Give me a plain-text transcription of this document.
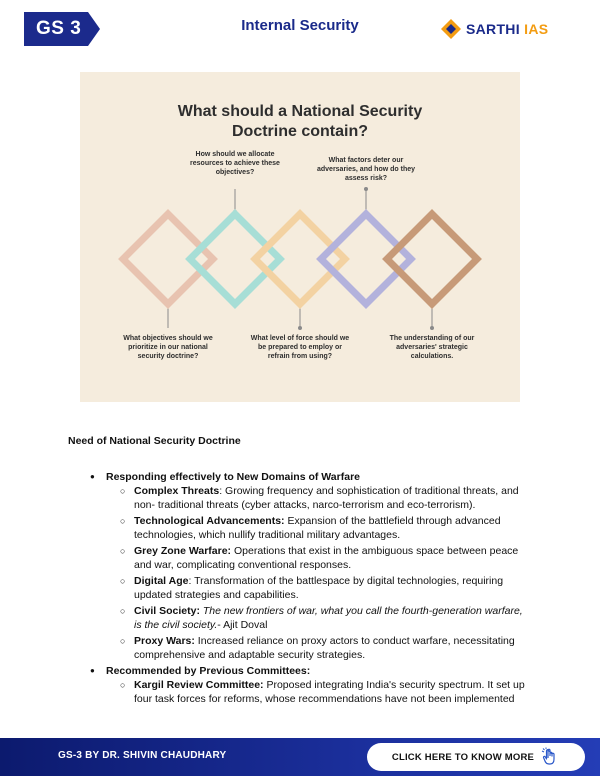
GS 3	Internal Security	SARTHI IAS
What should a National Security
Doctrine contain?
How should we allocate resources to achieve these objectives?
What factors deter our adversaries, and how do they assess risk?
What objectives should we prioritize in our national security doctrine?
What level of force should we be prepared to employ or refrain from using?
The understanding of our adversaries' strategic calculations.
Need of National Security Doctrine
● Responding effectively to New Domains of Warfare
○ Complex Threats: Growing frequency and sophistication of traditional threats, and non- traditional threats (cyber attacks, narco-terrorism and eco-terrorism).
○ Technological Advancements: Expansion of the battlefield through advanced technologies, which nullify traditional military advantages.
○ Grey Zone Warfare: Operations that exist in the ambiguous space between peace and war, complicating conventional responses.
○ Digital Age: Transformation of the battlespace by digital technologies, requiring updated strategies and capabilities.
○ Civil Society: The new frontiers of war, what you call the fourth-generation warfare, is the civil society.- Ajit Doval
○ Proxy Wars: Increased reliance on proxy actors to conduct warfare, necessitating comprehensive and adaptable security strategies.
● Recommended by Previous Committees:
○ Kargil Review Committee: Proposed integrating India's security spectrum. It set up four task forces for reforms, whose recommendations have not been implemented
GS-3 BY DR. SHIVIN CHAUDHARY	CLICK HERE TO KNOW MORE
